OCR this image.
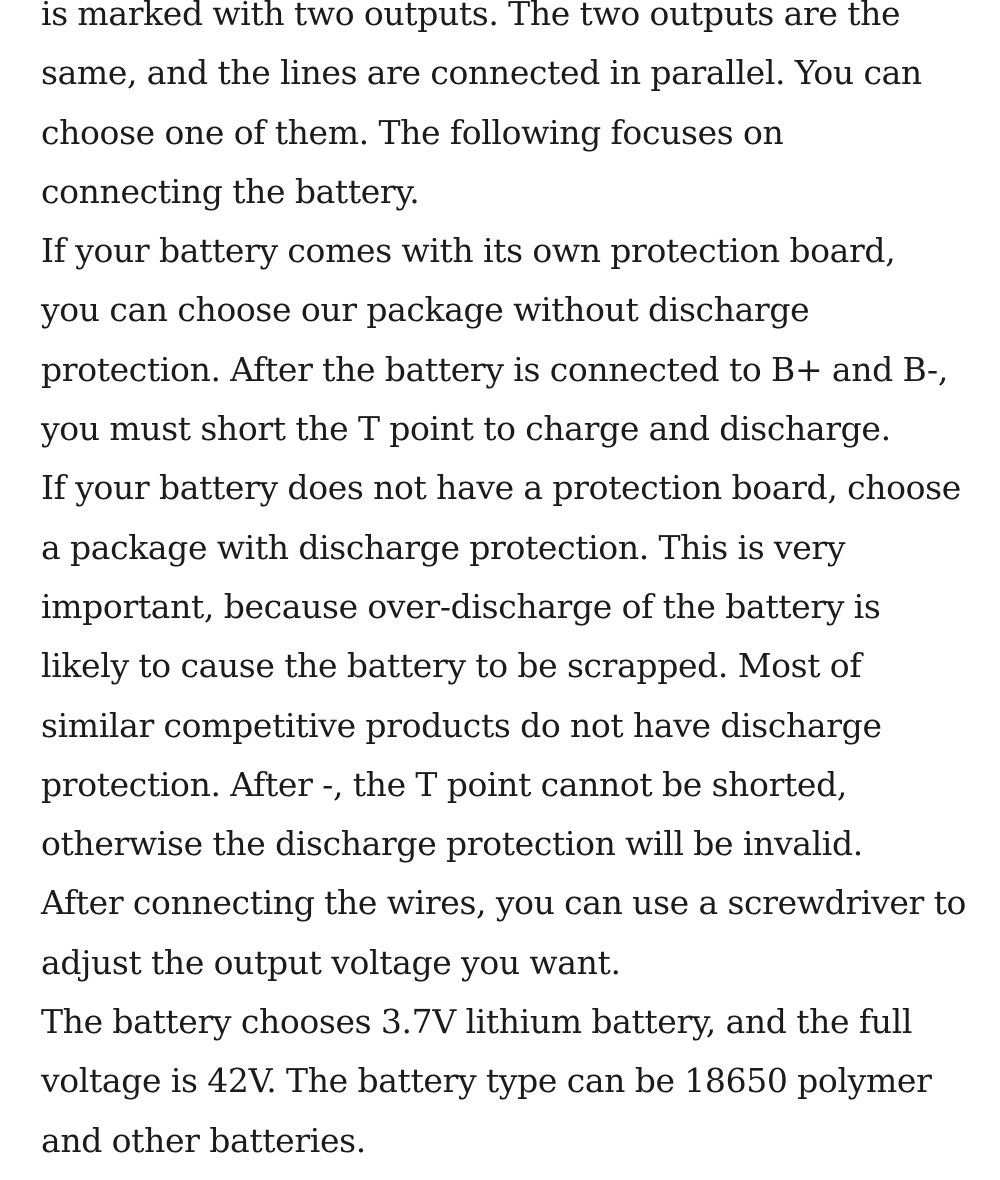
is marked with two outputs. The two outputs are the
same, and the lines are connected in parallel. You can
choose one of them. The following focuses on
connecting the battery.
If your battery comes with its own protection board,
you can choose our package without discharge
protection. After the battery is connected to B+ and B-,
you must short the T point to charge and discharge.
If your battery does not have a protection board, choose
a package with discharge protection. This is very
important, because over-discharge of the battery is
likely to cause the battery to be scrapped. Most of
similar competitive products do not have discharge
protection. After -, the T point cannot be shorted,
otherwise the discharge protection will be invalid.
After connecting the wires, you can use a screwdriver to
adjust the output voltage you want.
The battery chooses 3.7V lithium battery, and the full
voltage is 42V. The battery type can be 18650 polymer
and other batteries.
